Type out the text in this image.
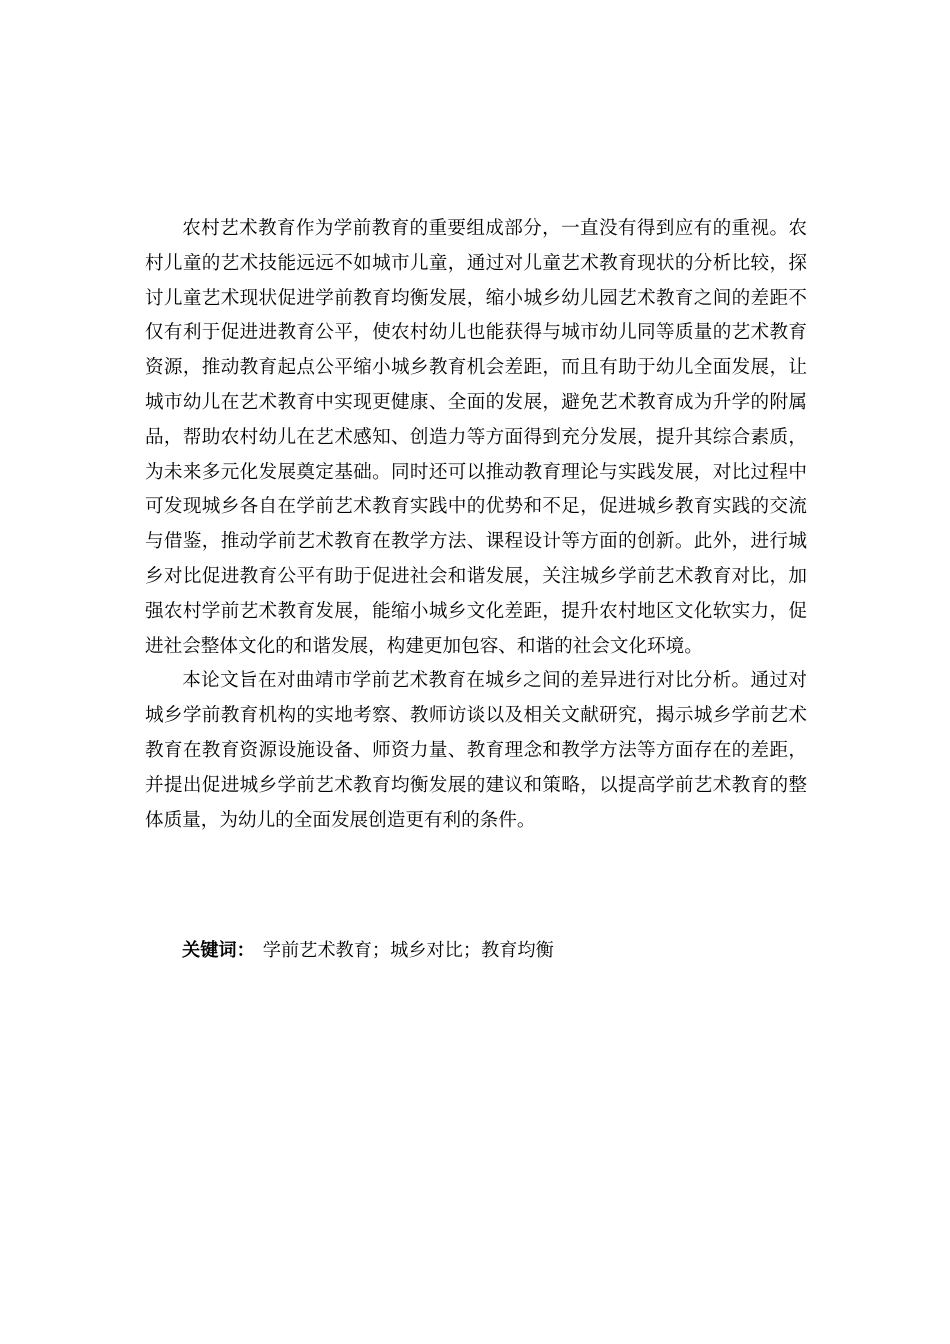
农村艺术教育作为学前教育的重要组成部分，一直没有得到应有的重视。农村儿童的艺术技能远远不如城市儿童，通过对儿童艺术教育现状的分析比较，探讨儿童艺术现状促进学前教育均衡发展，缩小城乡幼儿园艺术教育之间的差距不仅有利于促进进教育公平，使农村幼儿也能获得与城市幼儿同等质量的艺术教育资源，推动教育起点公平缩小城乡教育机会差距，而且有助于幼儿全面发展，让城市幼儿在艺术教育中实现更健康、全面的发展，避免艺术教育成为升学的附属品，帮助农村幼儿在艺术感知、创造力等方面得到充分发展，提升其综合素质，为未来多元化发展奠定基础。同时还可以推动教育理论与实践发展，对比过程中可发现城乡各自在学前艺术教育实践中的优势和不足，促进城乡教育实践的交流与借鉴，推动学前艺术教育在教学方法、课程设计等方面的创新。此外，进行城乡对比促进教育公平有助于促进社会和谐发展，关注城乡学前艺术教育对比，加强农村学前艺术教育发展，能缩小城乡文化差距，提升农村地区文化软实力，促进社会整体文化的和谐发展，构建更加包容、和谐的社会文化环境。

本论文旨在对曲靖市学前艺术教育在城乡之间的差异进行对比分析。通过对城乡学前教育机构的实地考察、教师访谈以及相关文献研究，揭示城乡学前艺术教育在教育资源设施设备、师资力量、教育理念和教学方法等方面存在的差距，并提出促进城乡学前艺术教育均衡发展的建议和策略，以提高学前艺术教育的整体质量，为幼儿的全面发展创造更有利的条件。

关键词： 学前艺术教育；城乡对比；教育均衡
